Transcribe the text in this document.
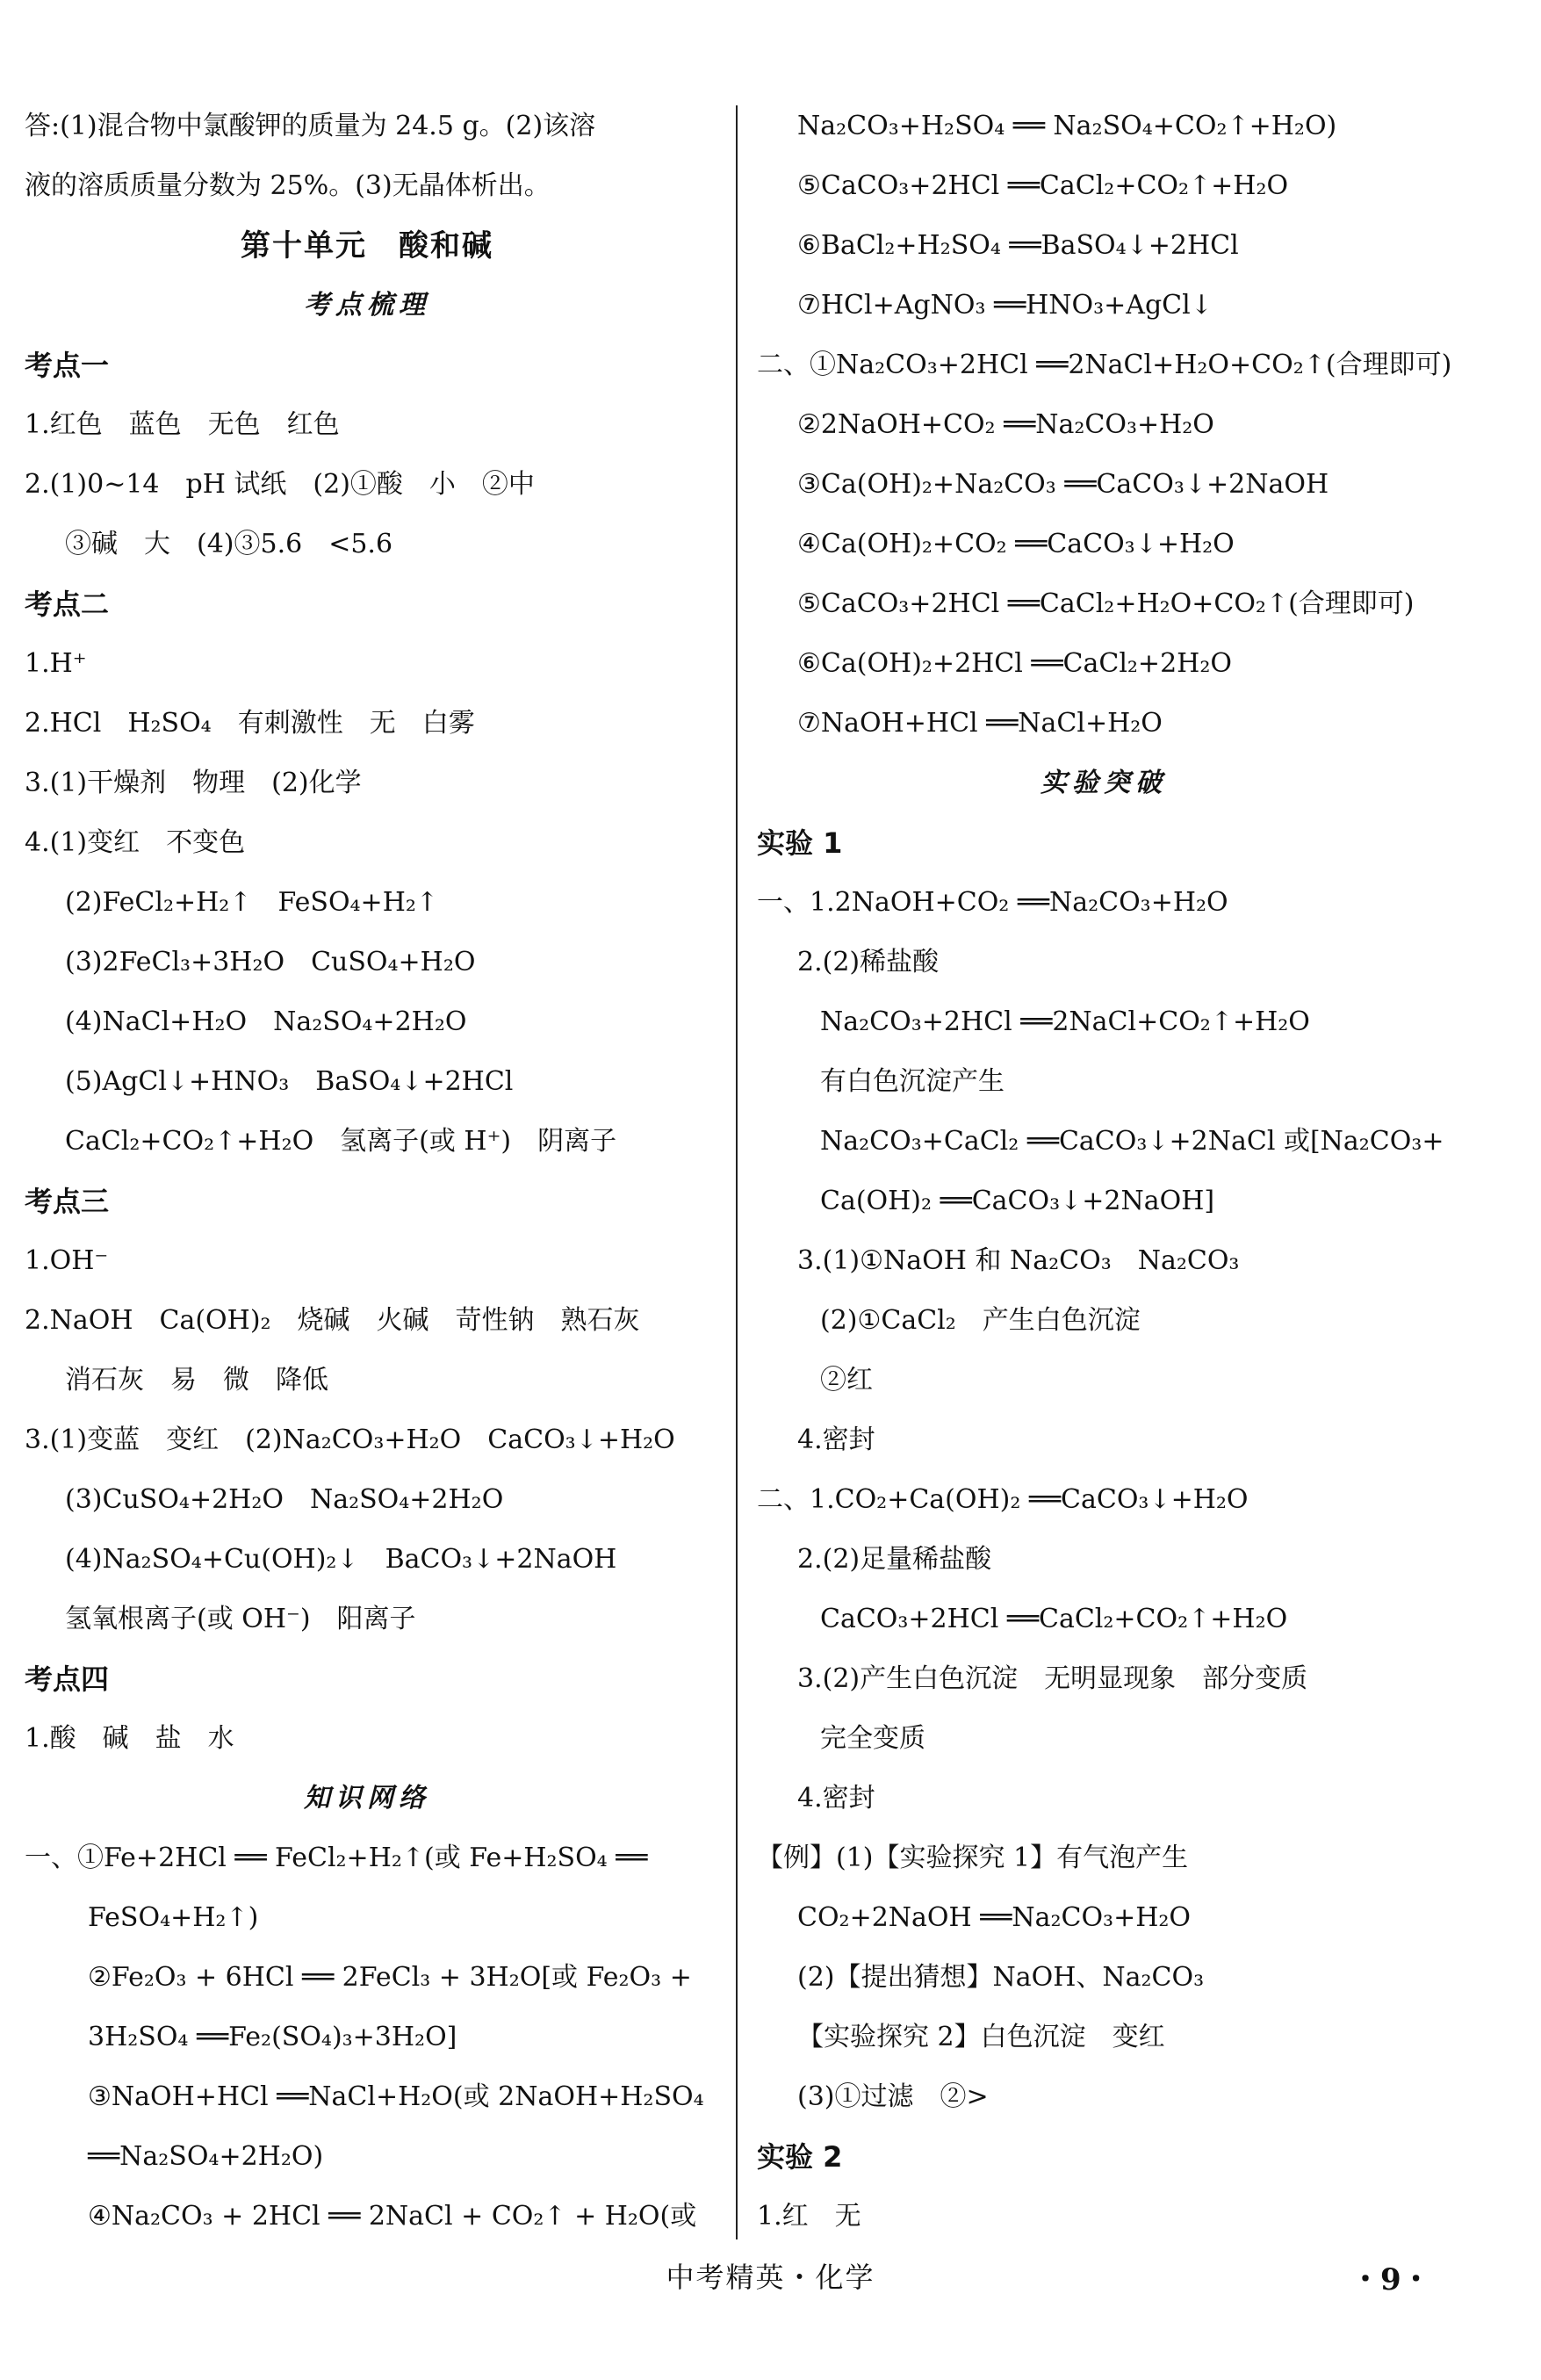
答:(1)混合物中氯酸钾的质量为 24.5 g。(2)该溶
液的溶质质量分数为 25%。(3)无晶体析出。
第十单元　酸和碱
考点梳理
考点一
1.红色　蓝色　无色　红色
2.(1)0~14　pH 试纸　(2)①酸　小　②中
③碱　大　(4)③5.6　<5.6
考点二
1.H⁺
2.HCl　H₂SO₄　有刺激性　无　白雾
3.(1)干燥剂　物理　(2)化学
4.(1)变红　不变色
(2)FeCl₂+H₂↑　FeSO₄+H₂↑
(3)2FeCl₃+3H₂O　CuSO₄+H₂O
(4)NaCl+H₂O　Na₂SO₄+2H₂O
(5)AgCl↓+HNO₃　BaSO₄↓+2HCl
CaCl₂+CO₂↑+H₂O　氢离子(或 H⁺)　阴离子
考点三
1.OH⁻
2.NaOH　Ca(OH)₂　烧碱　火碱　苛性钠　熟石灰
消石灰　易　微　降低
3.(1)变蓝　变红　(2)Na₂CO₃+H₂O　CaCO₃↓+H₂O
(3)CuSO₄+2H₂O　Na₂SO₄+2H₂O
(4)Na₂SO₄+Cu(OH)₂↓　BaCO₃↓+2NaOH
氢氧根离子(或 OH⁻)　阳离子
考点四
1.酸　碱　盐　水
知识网络
一、①Fe+2HCl ══ FeCl₂+H₂↑(或 Fe+H₂SO₄ ══
FeSO₄+H₂↑)
②Fe₂O₃ + 6HCl ══ 2FeCl₃ + 3H₂O[或 Fe₂O₃ +
3H₂SO₄ ══Fe₂(SO₄)₃+3H₂O]
③NaOH+HCl ══NaCl+H₂O(或 2NaOH+H₂SO₄
══Na₂SO₄+2H₂O)
④Na₂CO₃ + 2HCl ══ 2NaCl + CO₂↑ + H₂O(或
Na₂CO₃+H₂SO₄ ══ Na₂SO₄+CO₂↑+H₂O)
⑤CaCO₃+2HCl ══CaCl₂+CO₂↑+H₂O
⑥BaCl₂+H₂SO₄ ══BaSO₄↓+2HCl
⑦HCl+AgNO₃ ══HNO₃+AgCl↓
二、①Na₂CO₃+2HCl ══2NaCl+H₂O+CO₂↑(合理即可)
②2NaOH+CO₂ ══Na₂CO₃+H₂O
③Ca(OH)₂+Na₂CO₃ ══CaCO₃↓+2NaOH
④Ca(OH)₂+CO₂ ══CaCO₃↓+H₂O
⑤CaCO₃+2HCl ══CaCl₂+H₂O+CO₂↑(合理即可)
⑥Ca(OH)₂+2HCl ══CaCl₂+2H₂O
⑦NaOH+HCl ══NaCl+H₂O
实验突破
实验 1
一、1.2NaOH+CO₂ ══Na₂CO₃+H₂O
2.(2)稀盐酸
Na₂CO₃+2HCl ══2NaCl+CO₂↑+H₂O
有白色沉淀产生
Na₂CO₃+CaCl₂ ══CaCO₃↓+2NaCl 或[Na₂CO₃+
Ca(OH)₂ ══CaCO₃↓+2NaOH]
3.(1)①NaOH 和 Na₂CO₃　Na₂CO₃
(2)①CaCl₂　产生白色沉淀
②红
4.密封
二、1.CO₂+Ca(OH)₂ ══CaCO₃↓+H₂O
2.(2)足量稀盐酸
CaCO₃+2HCl ══CaCl₂+CO₂↑+H₂O
3.(2)产生白色沉淀　无明显现象　部分变质
完全变质
4.密封
【例】(1)【实验探究 1】有气泡产生
CO₂+2NaOH ══Na₂CO₃+H₂O
(2)【提出猜想】NaOH、Na₂CO₃
【实验探究 2】白色沉淀　变红
(3)①过滤　②>
实验 2
1.红　无
中考精英・化学	・9・
